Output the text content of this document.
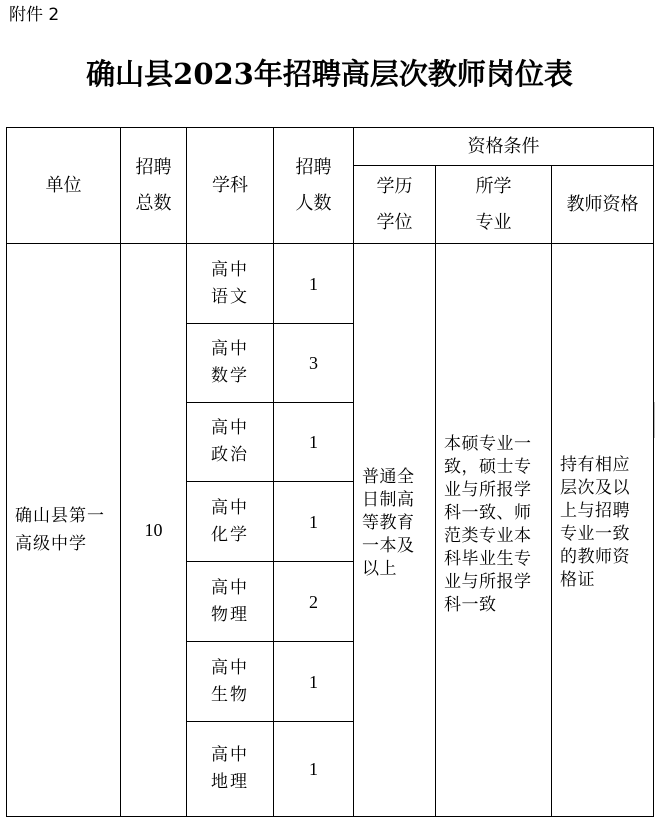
附件 2
确山县2023年招聘高层次教师岗位表
单位
招聘
总数
学科
招聘
人数
资格条件
学历
学位
所学
专业
教师资格
确山县第一高级中学
10
普通全日制高等教育一本及以上
本硕专业一致，硕士专业与所报学科一致、师范类专业本科毕业生专业与所报学科一致
持有相应层次及以上与招聘专业一致的教师资格证
高中
语文
1
高中
数学
3
高中
政治
1
高中
化学
1
高中
物理
2
高中
生物
1
高中
地理
1
